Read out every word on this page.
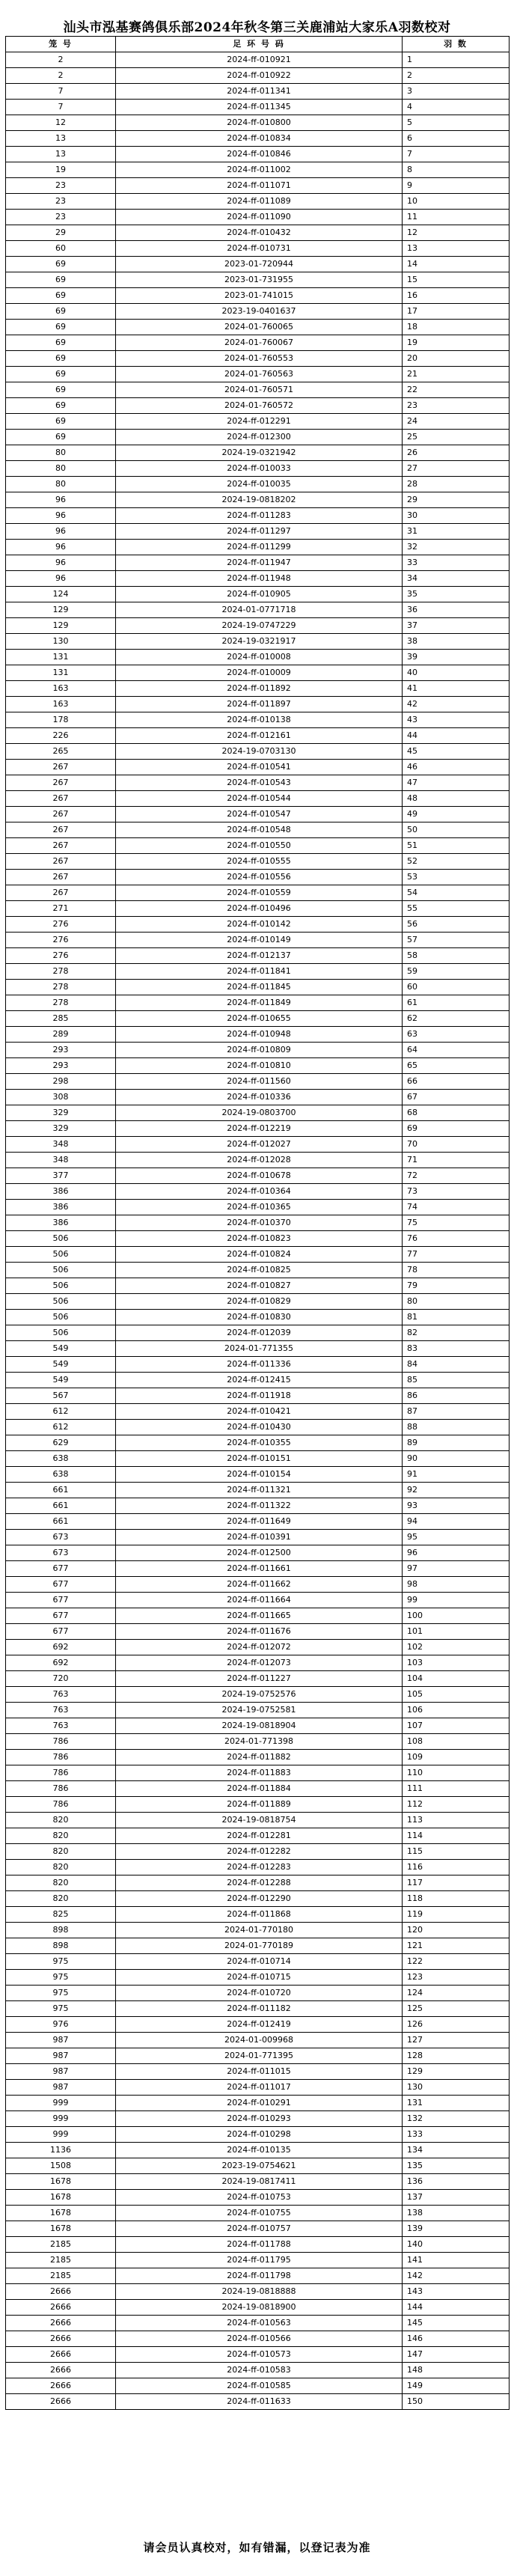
汕头市泓基赛鸽俱乐部2024年秋冬第三关鹿浦站大家乐A羽数校对
笼 号	足 环 号 码	羽 数
2	2024-ff-010921	1
2	2024-ff-010922	2
7	2024-ff-011341	3
7	2024-ff-011345	4
12	2024-ff-010800	5
13	2024-ff-010834	6
13	2024-ff-010846	7
19	2024-ff-011002	8
23	2024-ff-011071	9
23	2024-ff-011089	10
23	2024-ff-011090	11
29	2024-ff-010432	12
60	2024-ff-010731	13
69	2023-01-720944	14
69	2023-01-731955	15
69	2023-01-741015	16
69	2023-19-0401637	17
69	2024-01-760065	18
69	2024-01-760067	19
69	2024-01-760553	20
69	2024-01-760563	21
69	2024-01-760571	22
69	2024-01-760572	23
69	2024-ff-012291	24
69	2024-ff-012300	25
80	2024-19-0321942	26
80	2024-ff-010033	27
80	2024-ff-010035	28
96	2024-19-0818202	29
96	2024-ff-011283	30
96	2024-ff-011297	31
96	2024-ff-011299	32
96	2024-ff-011947	33
96	2024-ff-011948	34
124	2024-ff-010905	35
129	2024-01-0771718	36
129	2024-19-0747229	37
130	2024-19-0321917	38
131	2024-ff-010008	39
131	2024-ff-010009	40
163	2024-ff-011892	41
163	2024-ff-011897	42
178	2024-ff-010138	43
226	2024-ff-012161	44
265	2024-19-0703130	45
267	2024-ff-010541	46
267	2024-ff-010543	47
267	2024-ff-010544	48
267	2024-ff-010547	49
267	2024-ff-010548	50
267	2024-ff-010550	51
267	2024-ff-010555	52
267	2024-ff-010556	53
267	2024-ff-010559	54
271	2024-ff-010496	55
276	2024-ff-010142	56
276	2024-ff-010149	57
276	2024-ff-012137	58
278	2024-ff-011841	59
278	2024-ff-011845	60
278	2024-ff-011849	61
285	2024-ff-010655	62
289	2024-ff-010948	63
293	2024-ff-010809	64
293	2024-ff-010810	65
298	2024-ff-011560	66
308	2024-ff-010336	67
329	2024-19-0803700	68
329	2024-ff-012219	69
348	2024-ff-012027	70
348	2024-ff-012028	71
377	2024-ff-010678	72
386	2024-ff-010364	73
386	2024-ff-010365	74
386	2024-ff-010370	75
506	2024-ff-010823	76
506	2024-ff-010824	77
506	2024-ff-010825	78
506	2024-ff-010827	79
506	2024-ff-010829	80
506	2024-ff-010830	81
506	2024-ff-012039	82
549	2024-01-771355	83
549	2024-ff-011336	84
549	2024-ff-012415	85
567	2024-ff-011918	86
612	2024-ff-010421	87
612	2024-ff-010430	88
629	2024-ff-010355	89
638	2024-ff-010151	90
638	2024-ff-010154	91
661	2024-ff-011321	92
661	2024-ff-011322	93
661	2024-ff-011649	94
673	2024-ff-010391	95
673	2024-ff-012500	96
677	2024-ff-011661	97
677	2024-ff-011662	98
677	2024-ff-011664	99
677	2024-ff-011665	100
677	2024-ff-011676	101
692	2024-ff-012072	102
692	2024-ff-012073	103
720	2024-ff-011227	104
763	2024-19-0752576	105
763	2024-19-0752581	106
763	2024-19-0818904	107
786	2024-01-771398	108
786	2024-ff-011882	109
786	2024-ff-011883	110
786	2024-ff-011884	111
786	2024-ff-011889	112
820	2024-19-0818754	113
820	2024-ff-012281	114
820	2024-ff-012282	115
820	2024-ff-012283	116
820	2024-ff-012288	117
820	2024-ff-012290	118
825	2024-ff-011868	119
898	2024-01-770180	120
898	2024-01-770189	121
975	2024-ff-010714	122
975	2024-ff-010715	123
975	2024-ff-010720	124
975	2024-ff-011182	125
976	2024-ff-012419	126
987	2024-01-009968	127
987	2024-01-771395	128
987	2024-ff-011015	129
987	2024-ff-011017	130
999	2024-ff-010291	131
999	2024-ff-010293	132
999	2024-ff-010298	133
1136	2024-ff-010135	134
1508	2023-19-0754621	135
1678	2024-19-0817411	136
1678	2024-ff-010753	137
1678	2024-ff-010755	138
1678	2024-ff-010757	139
2185	2024-ff-011788	140
2185	2024-ff-011795	141
2185	2024-ff-011798	142
2666	2024-19-0818888	143
2666	2024-19-0818900	144
2666	2024-ff-010563	145
2666	2024-ff-010566	146
2666	2024-ff-010573	147
2666	2024-ff-010583	148
2666	2024-ff-010585	149
2666	2024-ff-011633	150
请会员认真校对，如有错漏，以登记表为准
